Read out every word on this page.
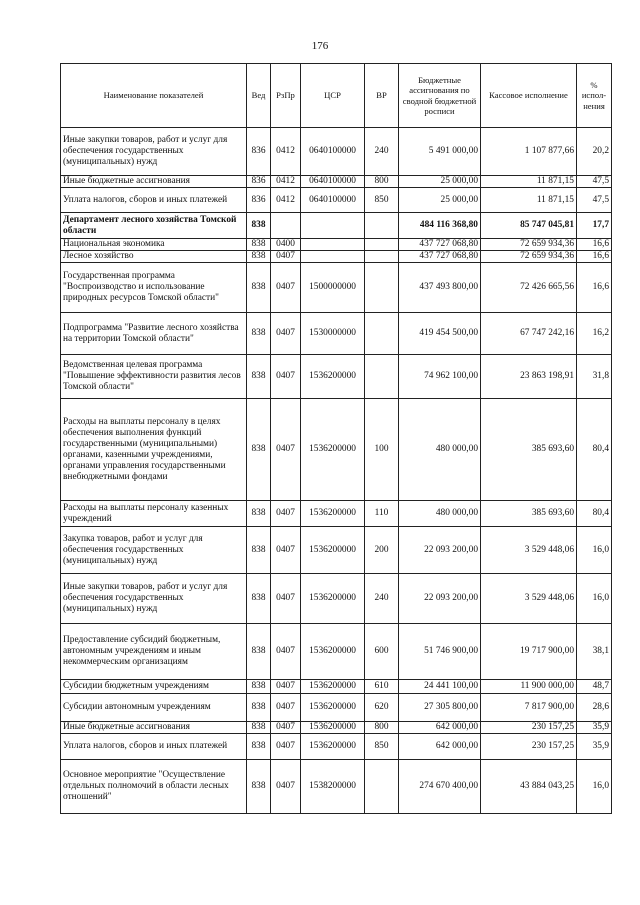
176
Наименование показателей	Вед	РзПр	ЦСР	ВР	Бюджетные ассигнования по сводной бюджетной росписи	Кассовое исполнение	% испол-нения
Иные закупки товаров, работ и услуг для обеспечения государственных (муниципальных) нужд	836	0412	0640100000	240	5 491 000,00	1 107 877,66	20,2
Иные бюджетные ассигнования	836	0412	0640100000	800	25 000,00	11 871,15	47,5
Уплата налогов, сборов и иных платежей	836	0412	0640100000	850	25 000,00	11 871,15	47,5
Департамент лесного хозяйства Томской области	838				484 116 368,80	85 747 045,81	17,7
Национальная экономика	838	0400			437 727 068,80	72 659 934,36	16,6
Лесное хозяйство	838	0407			437 727 068,80	72 659 934,36	16,6
Государственная программа "Воспроизводство и использование природных ресурсов Томской области"	838	0407	1500000000		437 493 800,00	72 426 665,56	16,6
Подпрограмма "Развитие лесного хозяйства на территории Томской области"	838	0407	1530000000		419 454 500,00	67 747 242,16	16,2
Ведомственная целевая программа "Повышение эффективности развития лесов Томской области"	838	0407	1536200000		74 962 100,00	23 863 198,91	31,8
Расходы на выплаты персоналу в целях обеспечения выполнения функций государственными (муниципальными) органами, казенными учреждениями, органами управления государственными внебюджетными фондами	838	0407	1536200000	100	480 000,00	385 693,60	80,4
Расходы на выплаты персоналу казенных учреждений	838	0407	1536200000	110	480 000,00	385 693,60	80,4
Закупка товаров, работ и услуг для обеспечения государственных (муниципальных) нужд	838	0407	1536200000	200	22 093 200,00	3 529 448,06	16,0
Иные закупки товаров, работ и услуг для обеспечения государственных (муниципальных) нужд	838	0407	1536200000	240	22 093 200,00	3 529 448,06	16,0
Предоставление субсидий бюджетным, автономным учреждениям и иным некоммерческим организациям	838	0407	1536200000	600	51 746 900,00	19 717 900,00	38,1
Субсидии бюджетным учреждениям	838	0407	1536200000	610	24 441 100,00	11 900 000,00	48,7
Субсидии автономным учреждениям	838	0407	1536200000	620	27 305 800,00	7 817 900,00	28,6
Иные бюджетные ассигнования	838	0407	1536200000	800	642 000,00	230 157,25	35,9
Уплата налогов, сборов и иных платежей	838	0407	1536200000	850	642 000,00	230 157,25	35,9
Основное мероприятие "Осуществление отдельных полномочий в области лесных отношений"	838	0407	1538200000		274 670 400,00	43 884 043,25	16,0
